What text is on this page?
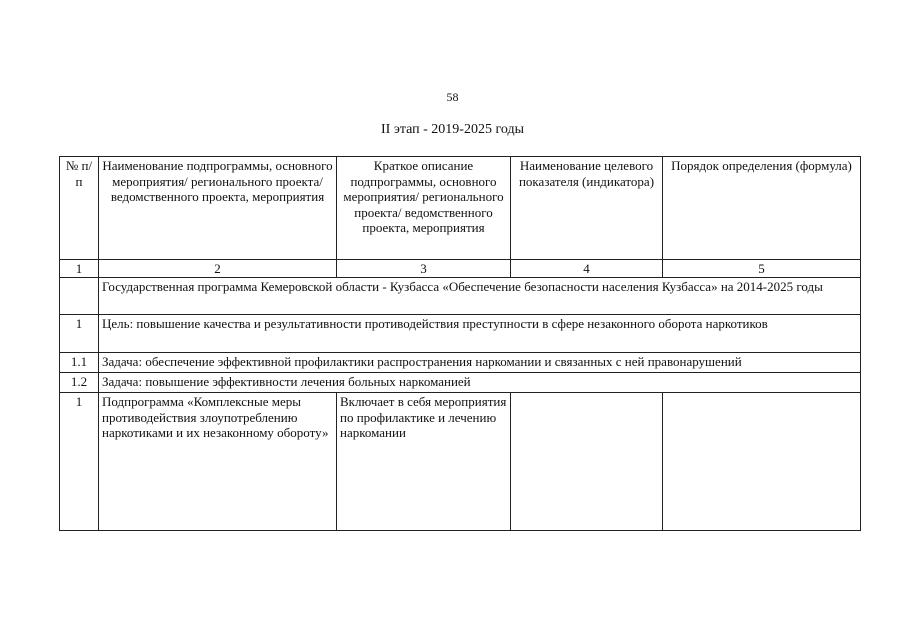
58
II этап - 2019-2025 годы
№ п/п	Наименование подпрограммы, основного мероприятия/ регионального проекта/ ведомственного проекта, мероприятия	Краткое описание подпрограммы, основного мероприятия/ регионального проекта/ ведомственного проекта, мероприятия	Наименование целевого показателя (индикатора)	Порядок определения (формула)
1	2	3	4	5
	Государственная программа Кемеровской области - Кузбасса «Обеспечение безопасности населения Кузбасса» на 2014-2025 годы			
1	Цель: повышение качества и результативности противодействия преступности в сфере незаконного оборота наркотиков			
1.1	Задача: обеспечение эффективной профилактики распространения наркомании и связанных с ней правонарушений			
1.2	Задача: повышение эффективности лечения больных наркоманией			
1	Подпрограмма «Комплексные меры противодействия злоупотреблению наркотиками и их незаконному обороту»	Включает в себя мероприятия по профилактике и лечению наркомании		
